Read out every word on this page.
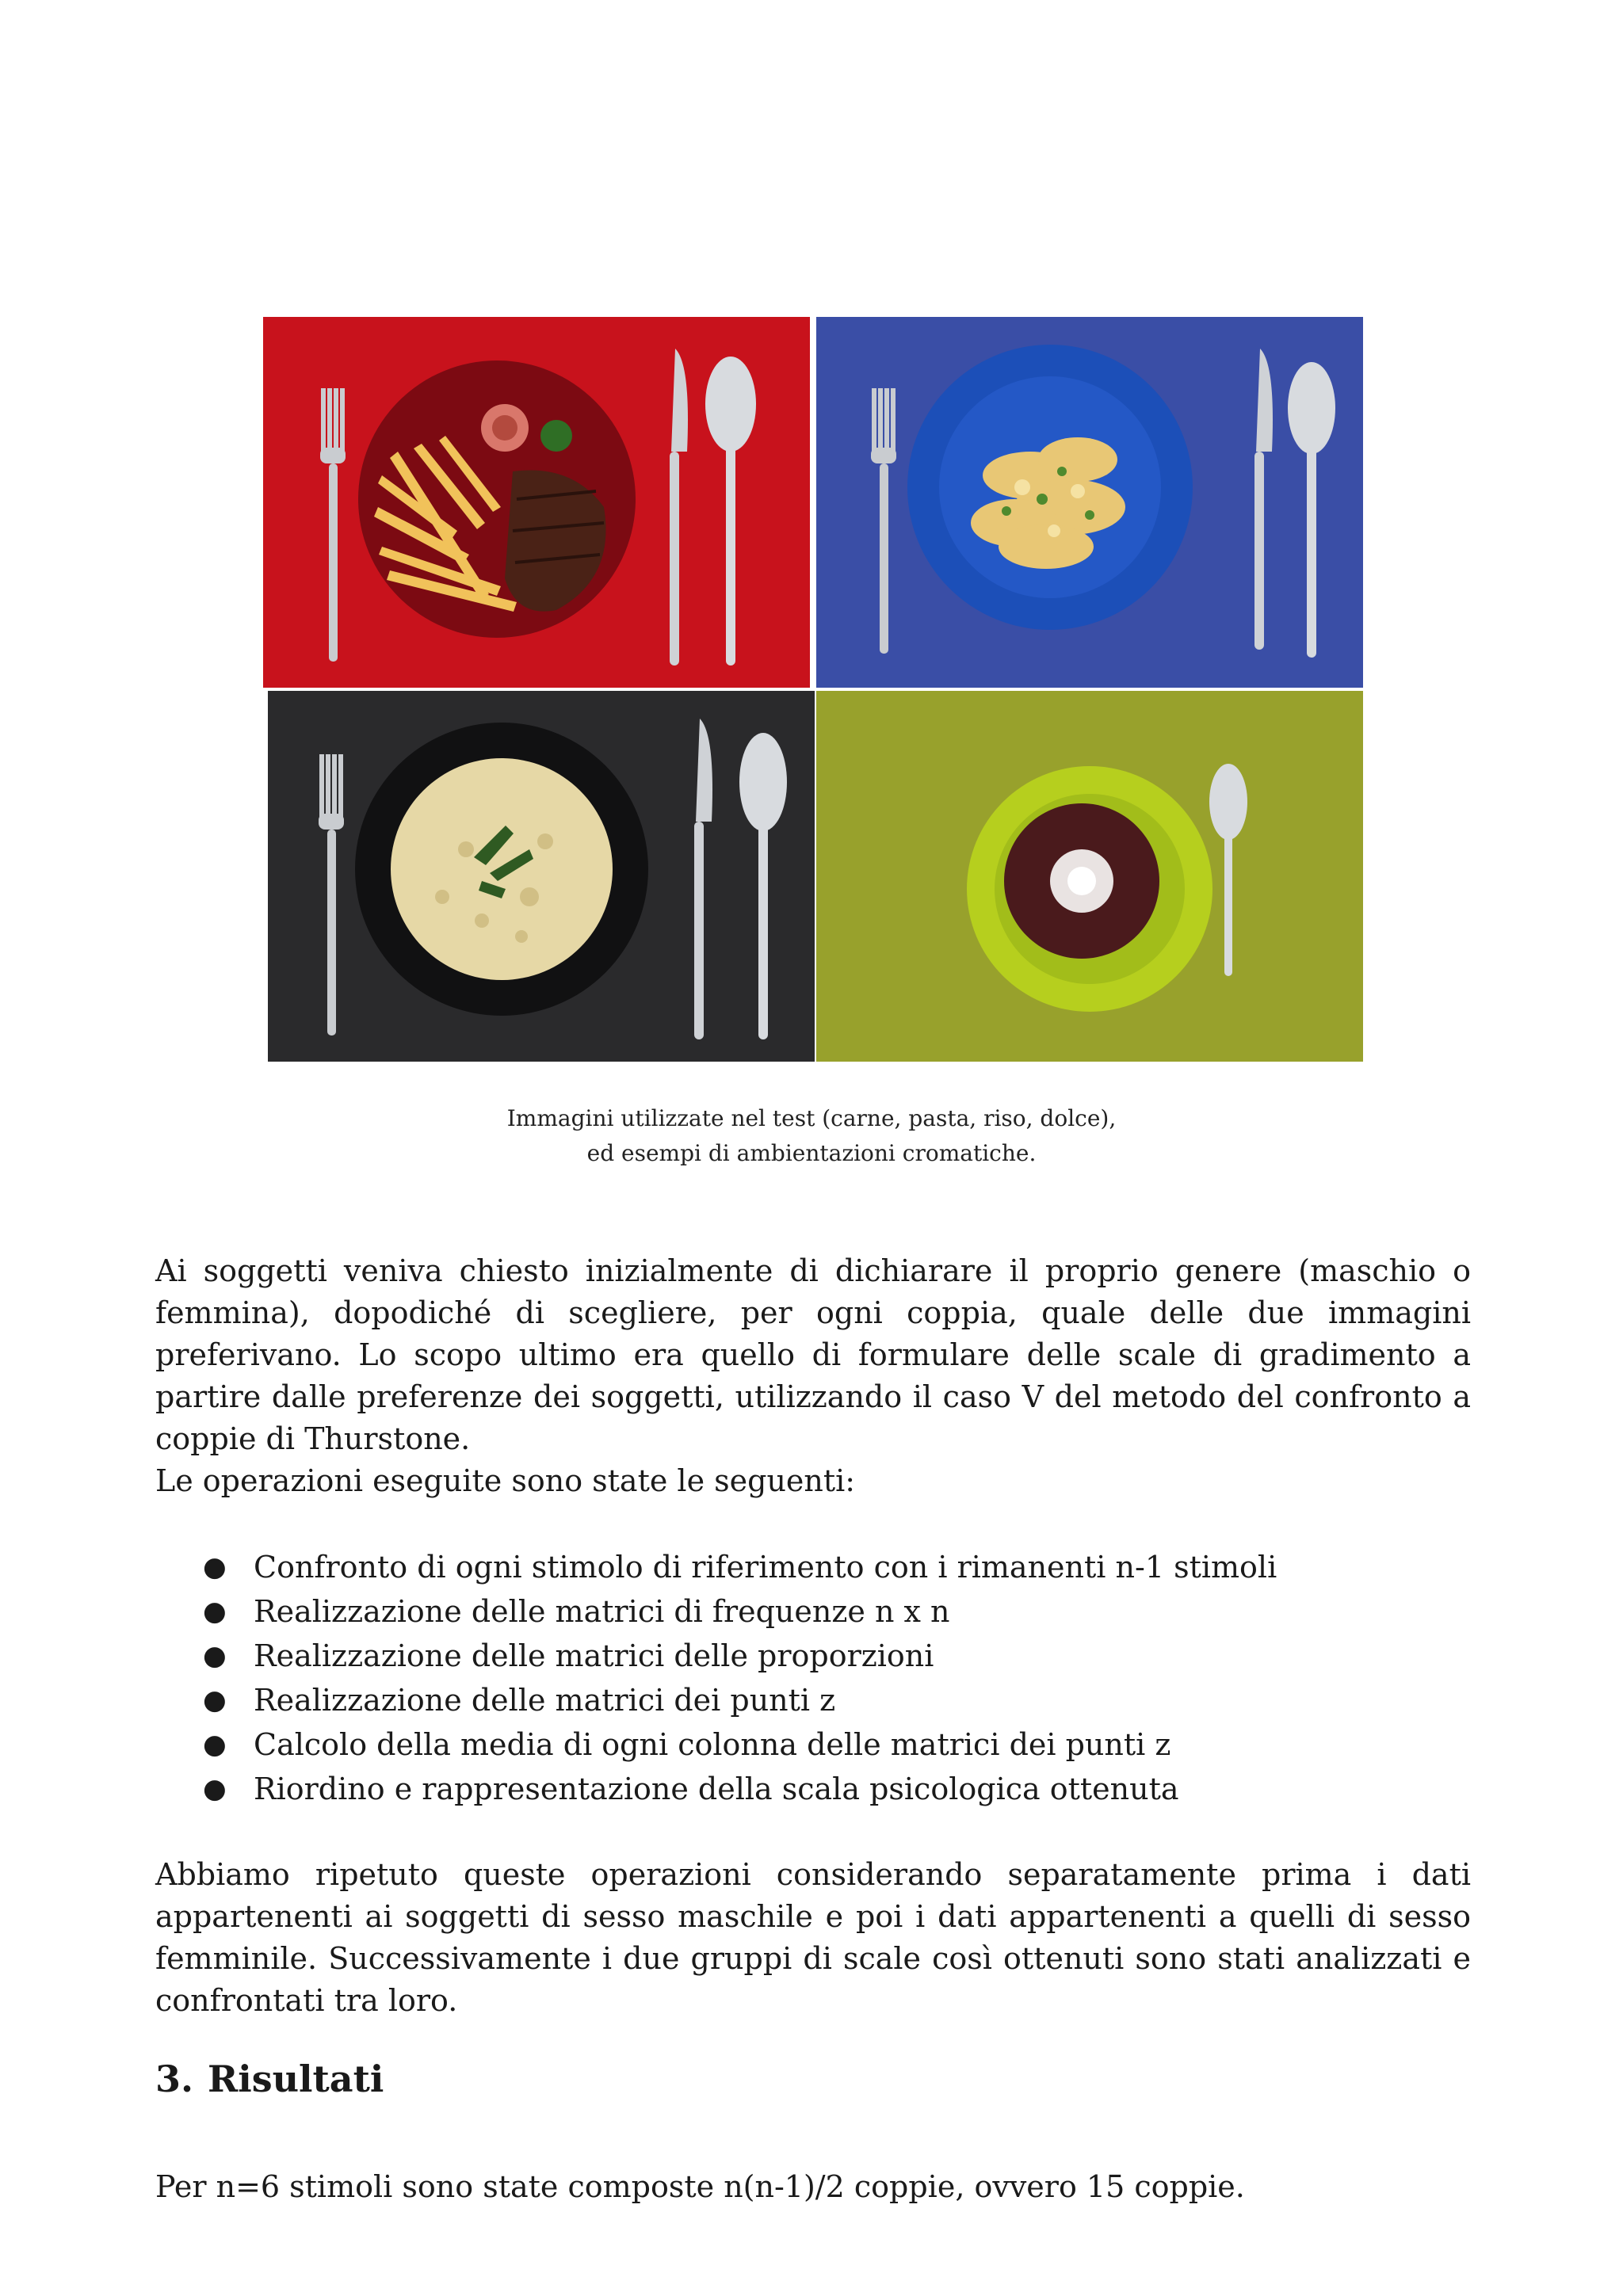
Immagini utilizzate nel test (carne, pasta, riso, dolce),
ed esempi di ambientazioni cromatiche.

Ai soggetti veniva chiesto inizialmente di dichiarare il proprio genere (maschio o femmina), dopodiché di scegliere, per ogni coppia, quale delle due immagini preferivano. Lo scopo ultimo era quello di formulare delle scale di gradimento a partire dalle preferenze dei soggetti, utilizzando il caso V del metodo del confronto a coppie di Thurstone.

Le operazioni eseguite sono state le seguenti:

● Confronto di ogni stimolo di riferimento con i rimanenti n-1 stimoli
● Realizzazione delle matrici di frequenze n x n
● Realizzazione delle matrici delle proporzioni
● Realizzazione delle matrici dei punti z
● Calcolo della media di ogni colonna delle matrici dei punti z
● Riordino e rappresentazione della scala psicologica ottenuta

Abbiamo ripetuto queste operazioni considerando separatamente prima i dati appartenenti ai soggetti di sesso maschile e poi i dati appartenenti a quelli di sesso femminile. Successivamente i due gruppi di scale così ottenuti sono stati analizzati e confrontati tra loro.

3. Risultati

Per n=6 stimoli sono state composte n(n-1)/2 coppie, ovvero 15 coppie.
